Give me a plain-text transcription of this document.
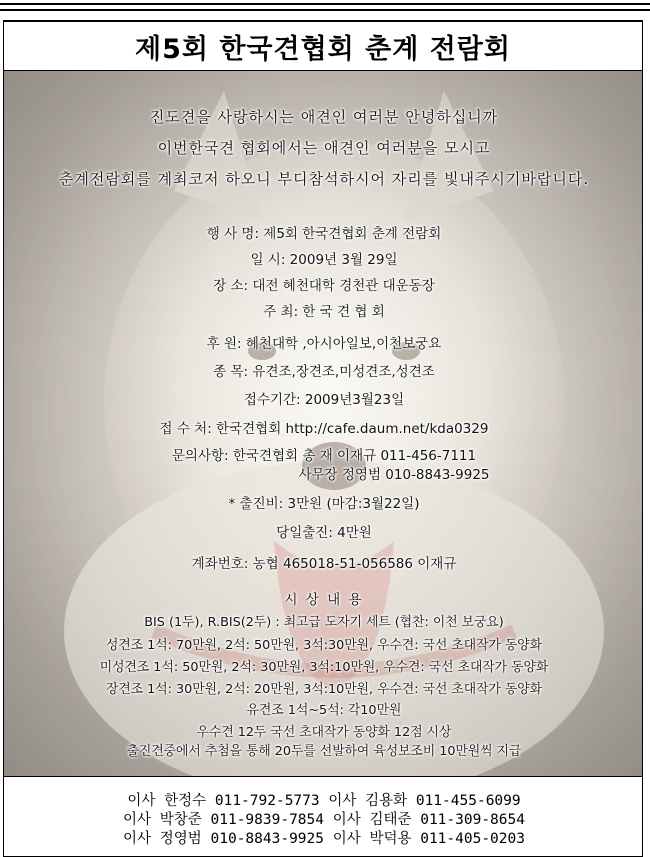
제5회 한국견협회 춘계 전람회
진도견을 사랑하시는 애견인 여러분 안녕하십니까
이번한국견 협회에서는 애견인 여러분을 모시고
춘계전람회를 계최코저 하오니 부디참석하시어 자리를 빛내주시기바랍니다.
행 사 명: 제5회 한국견협회 춘계 전람회
일 시: 2009년 3월 29일
장 소: 대전 혜천대학 경천관 대운동장
주 최: 한 국 견 협 회
후 원: 혜천대학 ,아시아일보,이천보궁요
종 목: 유견조,장견조,미성견조,성견조
접수기간: 2009년3월23일
접 수 처: 한국견협회 http://cafe.daum.net/kda0329
문의사항: 한국견협회 총 재 이재규 011-456-7111
사무장 정영범 010-8843-9925
* 출진비: 3만원 (마감:3월22일)
당일출진: 4만원
계좌번호: 농협 465018-51-056586 이재규
시 상 내 용
BIS (1두), R.BIS(2두) : 최고급 도자기 세트 (협찬: 이천 보궁요)
성견조 1석: 70만원, 2석: 50만원, 3석:30만원, 우수견: 국선 초대작가 동양화
미성견조 1석: 50만원, 2석: 30만원, 3석:10만원, 우수견: 국선 초대작가 동양화
장견조 1석: 30만원, 2석: 20만원, 3석:10만원, 우수견: 국선 초대작가 동양화
유견조 1석~5석: 각10만원
우수견 12두 국선 초대작가 동양화 12점 시상
출진견중에서 추첨을 통해 20두를 선발하여 육성보조비 10만원씩 지급
이사 한정수 011-792-5773 이사 김용화 011-455-6099
이사 박창준 011-9839-7854 이사 김태준 011-309-8654
이사 정영범 010-8843-9925 이사 박덕용 011-405-0203
